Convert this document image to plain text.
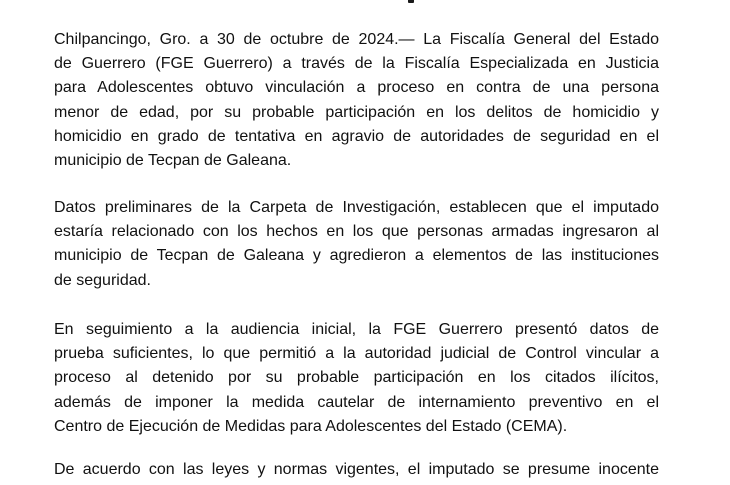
Chilpancingo, Gro. a 30 de octubre de 2024.— La Fiscalía General del Estado
de Guerrero (FGE Guerrero) a través de la Fiscalía Especializada en Justicia
para Adolescentes obtuvo vinculación a proceso en contra de una persona
menor de edad, por su probable participación en los delitos de homicidio y
homicidio en grado de tentativa en agravio de autoridades de seguridad en el
municipio de Tecpan de Galeana.

Datos preliminares de la Carpeta de Investigación, establecen que el imputado
estaría relacionado con los hechos en los que personas armadas ingresaron al
municipio de Tecpan de Galeana y agredieron a elementos de las instituciones
de seguridad.

En seguimiento a la audiencia inicial, la FGE Guerrero presentó datos de
prueba suficientes, lo que permitió a la autoridad judicial de Control vincular a
proceso al detenido por su probable participación en los citados ilícitos,
además de imponer la medida cautelar de internamiento preventivo en el
Centro de Ejecución de Medidas para Adolescentes del Estado (CEMA).

De acuerdo con las leyes y normas vigentes, el imputado se presume inocente
